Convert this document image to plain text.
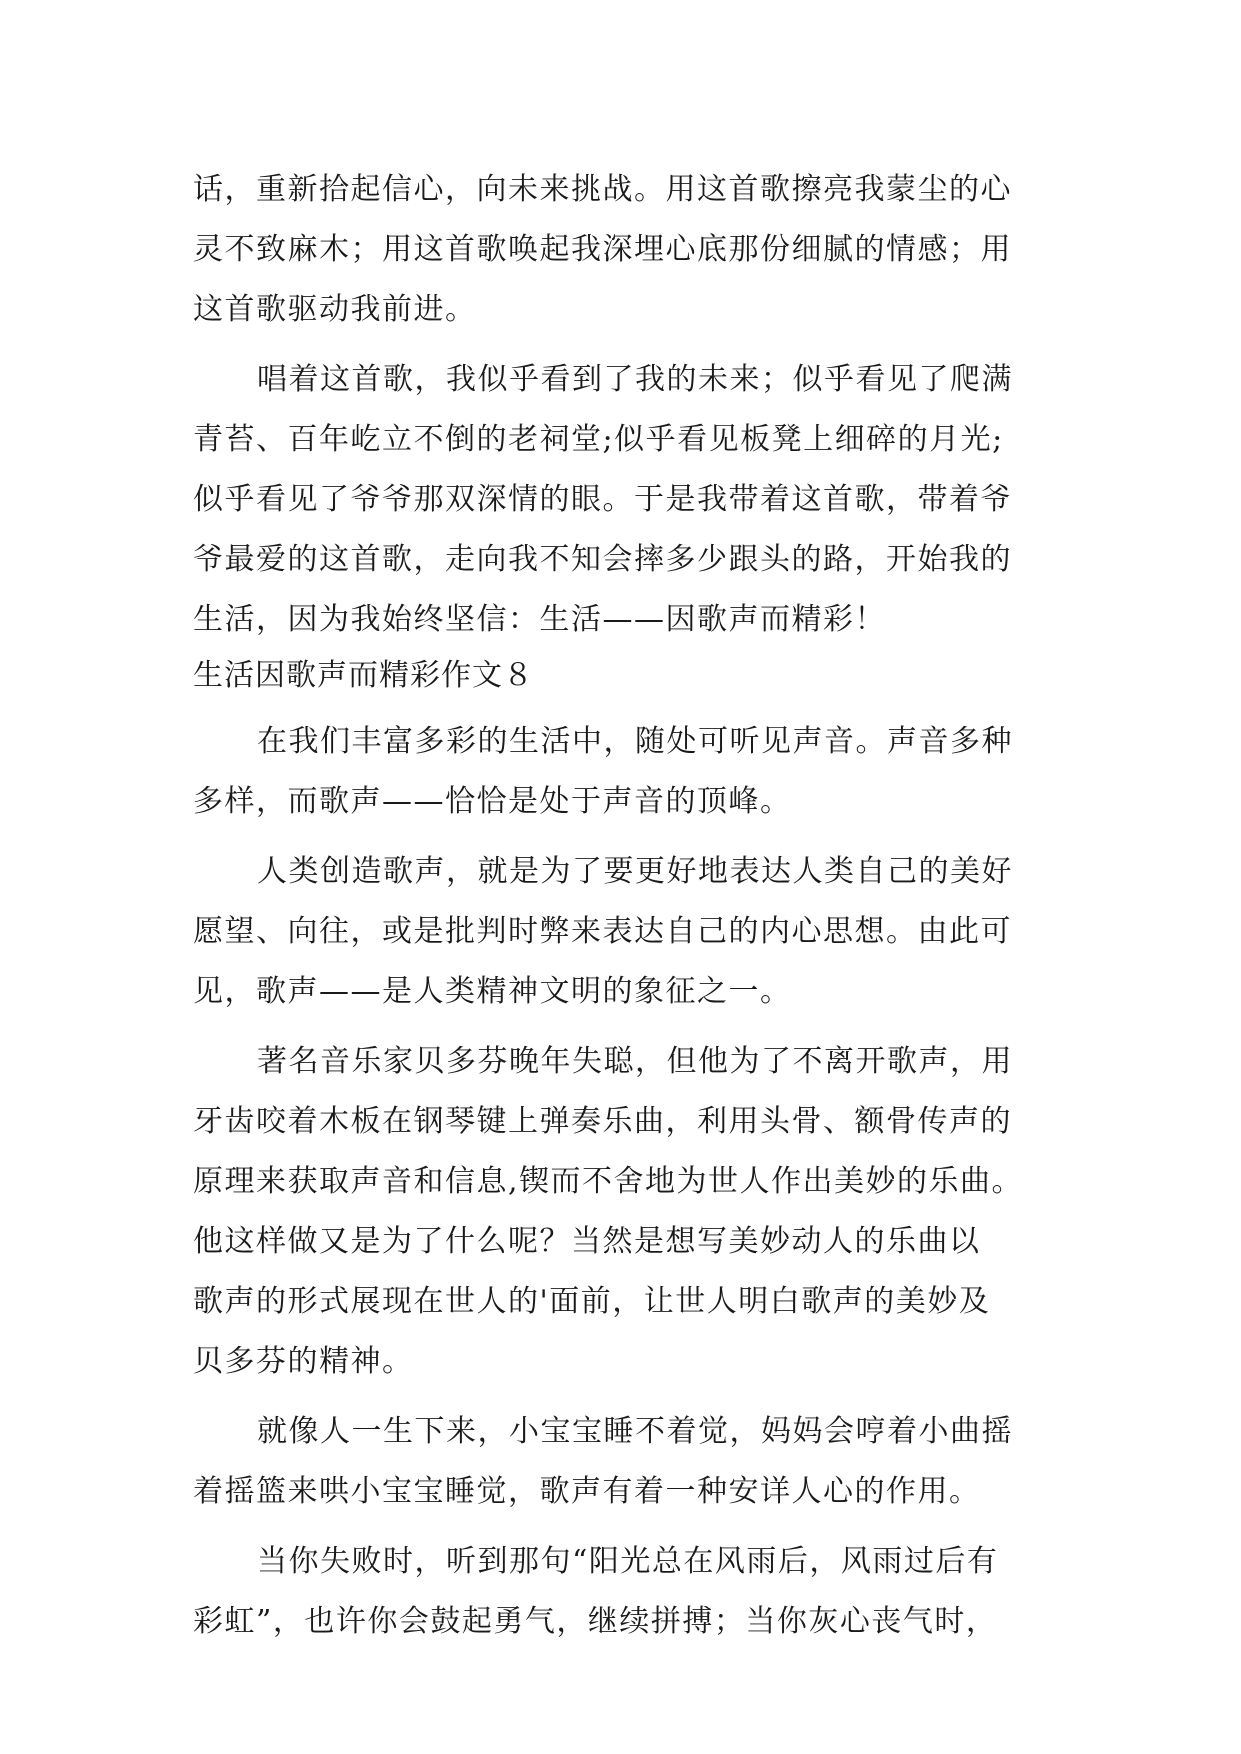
话，重新拾起信心，向未来挑战。用这首歌擦亮我蒙尘的心
灵不致麻木；用这首歌唤起我深埋心底那份细腻的情感；用
这首歌驱动我前进。
唱着这首歌，我似乎看到了我的未来；似乎看见了爬满
青苔、百年屹立不倒的老祠堂;似乎看见板凳上细碎的月光;
似乎看见了爷爷那双深情的眼。于是我带着这首歌，带着爷
爷最爱的这首歌，走向我不知会摔多少跟头的路，开始我的
生活，因为我始终坚信：生活——因歌声而精彩！
生活因歌声而精彩作文８
在我们丰富多彩的生活中，随处可听见声音。声音多种
多样，而歌声——恰恰是处于声音的顶峰。
人类创造歌声，就是为了要更好地表达人类自己的美好
愿望、向往，或是批判时弊来表达自己的内心思想。由此可
见，歌声——是人类精神文明的象征之一。
著名音乐家贝多芬晚年失聪，但他为了不离开歌声，用
牙齿咬着木板在钢琴键上弹奏乐曲，利用头骨、额骨传声的
原理来获取声音和信息,锲而不舍地为世人作出美妙的乐曲。
他这样做又是为了什么呢？当然是想写美妙动人的乐曲以
歌声的形式展现在世人的'面前，让世人明白歌声的美妙及
贝多芬的精神。
就像人一生下来，小宝宝睡不着觉，妈妈会哼着小曲摇
着摇篮来哄小宝宝睡觉，歌声有着一种安详人心的作用。
当你失败时，听到那句“阳光总在风雨后，风雨过后有
彩虹”，也许你会鼓起勇气，继续拼搏；当你灰心丧气时，
